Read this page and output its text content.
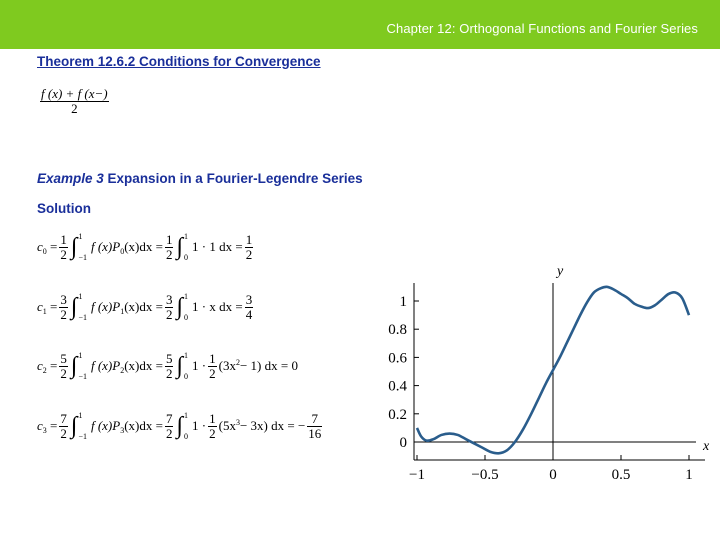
Chapter 12: Orthogonal Functions and Fourier Series
Theorem 12.6.2 Conditions for Convergence
$\frac{f (x) + f (x-)}{2}$
Example 3 Expansion in a Fourier-Legendre Series
Solution
$c_0 = \frac{1}{2}$ ∫ 1
−1
f $(x)P_0(x)dx = \frac{1}{2}$ ∫ 1
0
1 · 1 dx = $\frac{1}{2}$
$c_1 = \frac{3}{2}$ ∫ 1
−1
f $(x)P_1(x)dx = \frac{3}{2}$ ∫ 1
0
1 · x dx = $\frac{3}{4}$
$c_2 = \frac{5}{2}$ ∫ 1
−1
f $(x)P_2(x)dx = \frac{5}{2}$ ∫ 1
0
$1 \cdot \frac{1}{2} (3x^2- 1)$ dx = 0
$c_3 = \frac{7}{2}$ ∫ 1
−1
f $(x)P_3(x)dx = \frac{7}{2}$ ∫ 1
0
$1 \cdot \frac{1}{2} (5x^3- 3x)$ dx = − $\frac{7}{16}$
−1	−0.5	0	0.5	1
0
0.2
0.4
0.6
0.8
1
x
y
